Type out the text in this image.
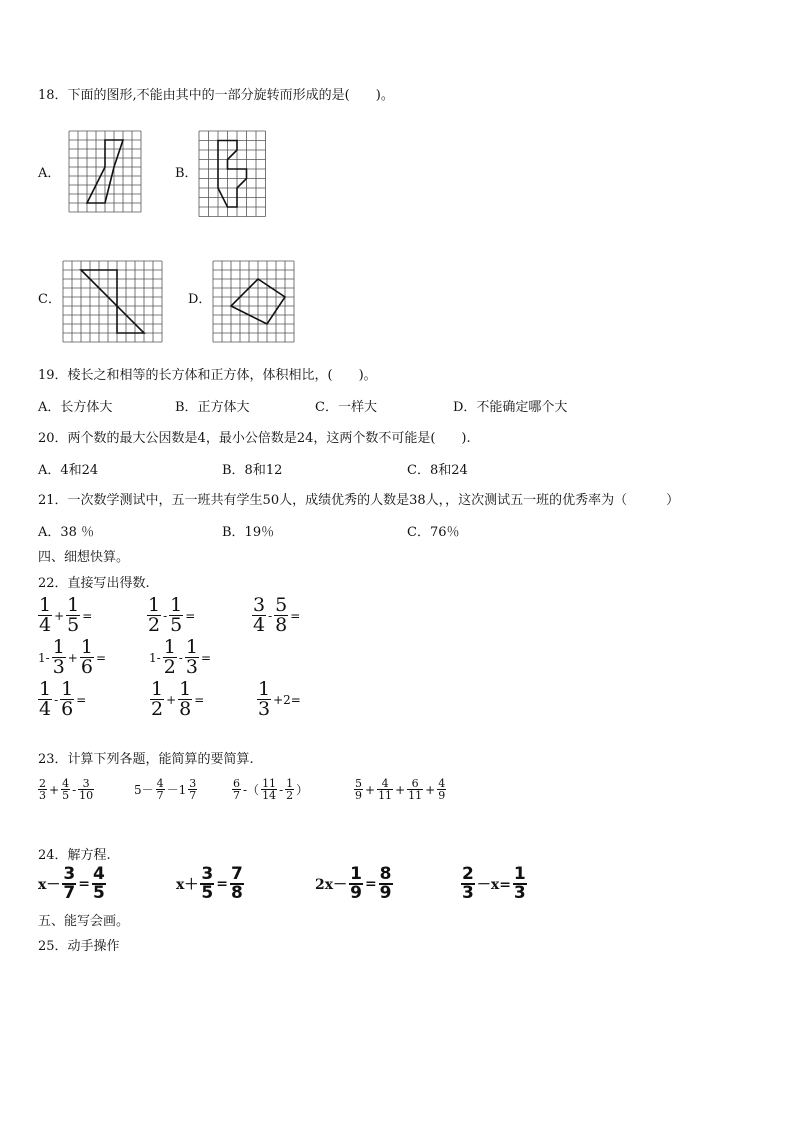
18．下面的图形,不能由其中的一部分旋转而形成的是(　　)。
A．	B．
C．	D．
19．棱长之和相等的长方体和正方体，体积相比，(　　)。
A．长方体大	B．正方体大	C．一样大	D．不能确定哪个大
20．两个数的最大公因数是4，最小公倍数是24，这两个数不可能是(　　).
A．4和24	B．8和12	C．8和24
21．一次数学测试中，五一班共有学生50人，成绩优秀的人数是38人，，这次测试五一班的优秀率为（　　　）
A．38 ％	B．19％	C．76％
四、细想快算。
22．直接写出得数.
$\frac{1}{4} + \frac{1}{5}$ =	$\frac{1}{2} - \frac{1}{5}$ =	$\frac{3}{4} - \frac{5}{8}$ =
$1- \frac{1}{3} + \frac{1}{6}$ =	$1- \frac{1}{2} - \frac{1}{3}$ =
$\frac{1}{4} - \frac{1}{6}$ =	$\frac{1}{2} + \frac{1}{8}$ =	$\frac{1}{3} +2=$
23．计算下列各题，能简算的要简算.
$\frac{2}{3} + \frac{4}{5} - \frac{3}{10}$	$5- \frac{4}{7} -1 \frac{3}{7}$	$\frac{6}{7}$ -（ $\frac{11}{14} - \frac{1}{2}$ ）	$\frac{5}{9} + \frac{4}{11} + \frac{6}{11} + \frac{4}{9}$
24．解方程.
$x- \frac{3}{7} = \frac{4}{5}$	$x+ \frac{3}{5} = \frac{7}{8}$	$2x- \frac{1}{9} = \frac{8}{9}$	$\frac{2}{3} -x= \frac{1}{3}$
五、能写会画。
25．动手操作
